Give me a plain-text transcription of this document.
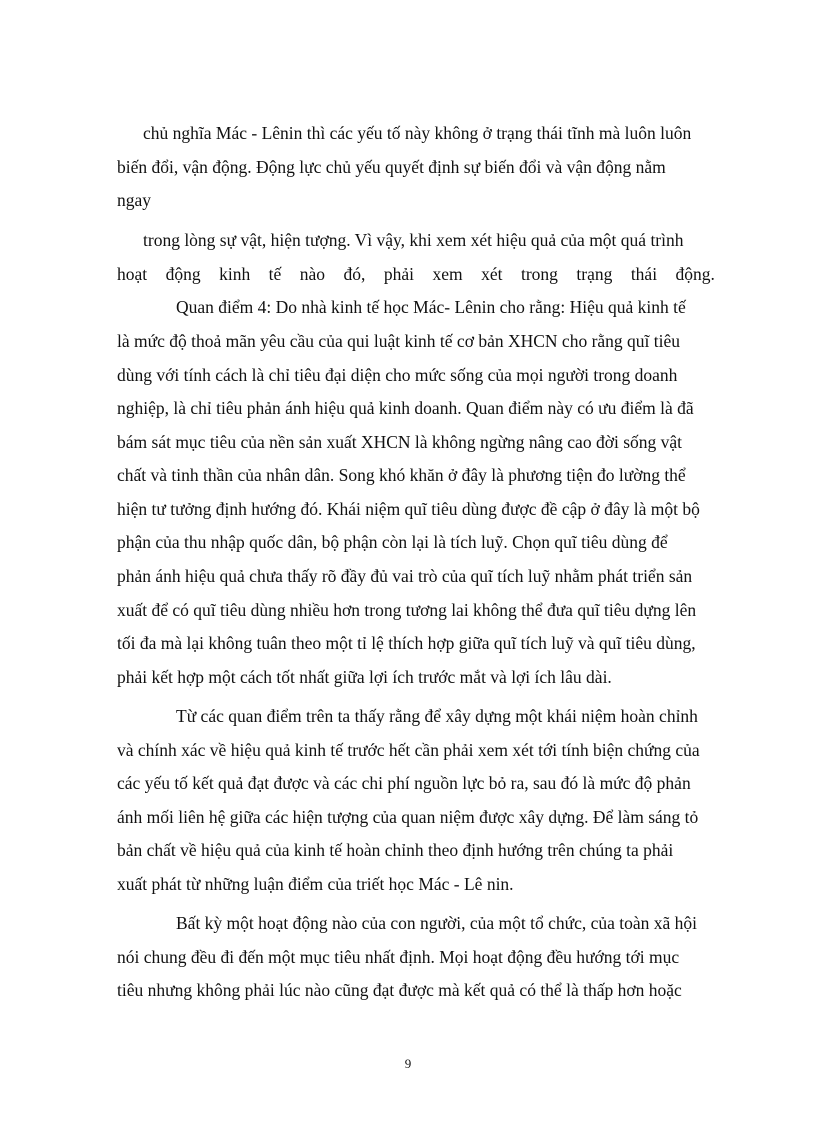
chủ nghĩa Mác - Lênin thì các yếu tố này không ở trạng thái tĩnh mà luôn luôn
biến đổi, vận động. Động lực chủ yếu quyết định sự biến đổi và vận động nằm
ngay
trong lòng sự vật, hiện tượng. Vì vậy, khi xem xét hiệu quả của một quá trình
hoạt động kinh tế nào đó, phải xem xét trong trạng thái động.
Quan điểm 4: Do nhà kinh tế học Mác- Lênin cho rằng: Hiệu quả kinh tế
là mức độ thoả mãn yêu cầu của qui luật kinh tế cơ bản XHCN cho rằng quĩ tiêu
dùng với tính cách là chỉ tiêu đại diện cho mức sống của mọi người trong doanh
nghiệp, là chỉ tiêu phản ánh hiệu quả kinh doanh. Quan điểm này có ưu điểm là đã
bám sát mục tiêu của nền sản xuất XHCN là không ngừng nâng cao đời sống vật
chất và tinh thần của nhân dân. Song khó khăn ở đây là phương tiện đo lường thể
hiện tư tưởng định hướng đó. Khái niệm quĩ tiêu dùng được đề cập ở đây là một bộ
phận của thu nhập quốc dân, bộ phận còn lại là tích luỹ. Chọn quĩ tiêu dùng để
phản ánh hiệu quả chưa thấy rõ đầy đủ vai trò của quĩ tích luỹ nhằm phát triển sản
xuất để có quĩ tiêu dùng nhiều hơn trong tương lai không thể đưa quĩ tiêu dựng lên
tối đa mà lại không tuân theo một tỉ lệ thích hợp giữa quĩ tích luỹ và quĩ tiêu dùng,
phải kết hợp một cách tốt nhất giữa lợi ích trước mắt và lợi ích lâu dài.
Từ các quan điểm trên ta thấy rằng để xây dựng một khái niệm hoàn chỉnh
và chính xác về hiệu quả kinh tế trước hết cần phải xem xét tới tính biện chứng của
các yếu tố kết quả đạt được và các chi phí nguồn lực bỏ ra, sau đó là mức độ phản
ánh mối liên hệ giữa các hiện tượng của quan niệm được xây dựng. Để làm sáng tỏ
bản chất về hiệu quả của kinh tế hoàn chỉnh theo định hướng trên chúng ta phải
xuất phát từ những luận điểm của triết học Mác - Lê nin.
Bất kỳ một hoạt động nào của con người, của một tổ chức, của toàn xã hội
nói chung đều đi đến một mục tiêu nhất định. Mọi hoạt động đều hướng tới mục
tiêu nhưng không phải lúc nào cũng đạt được mà kết quả có thể là thấp hơn hoặc
9
